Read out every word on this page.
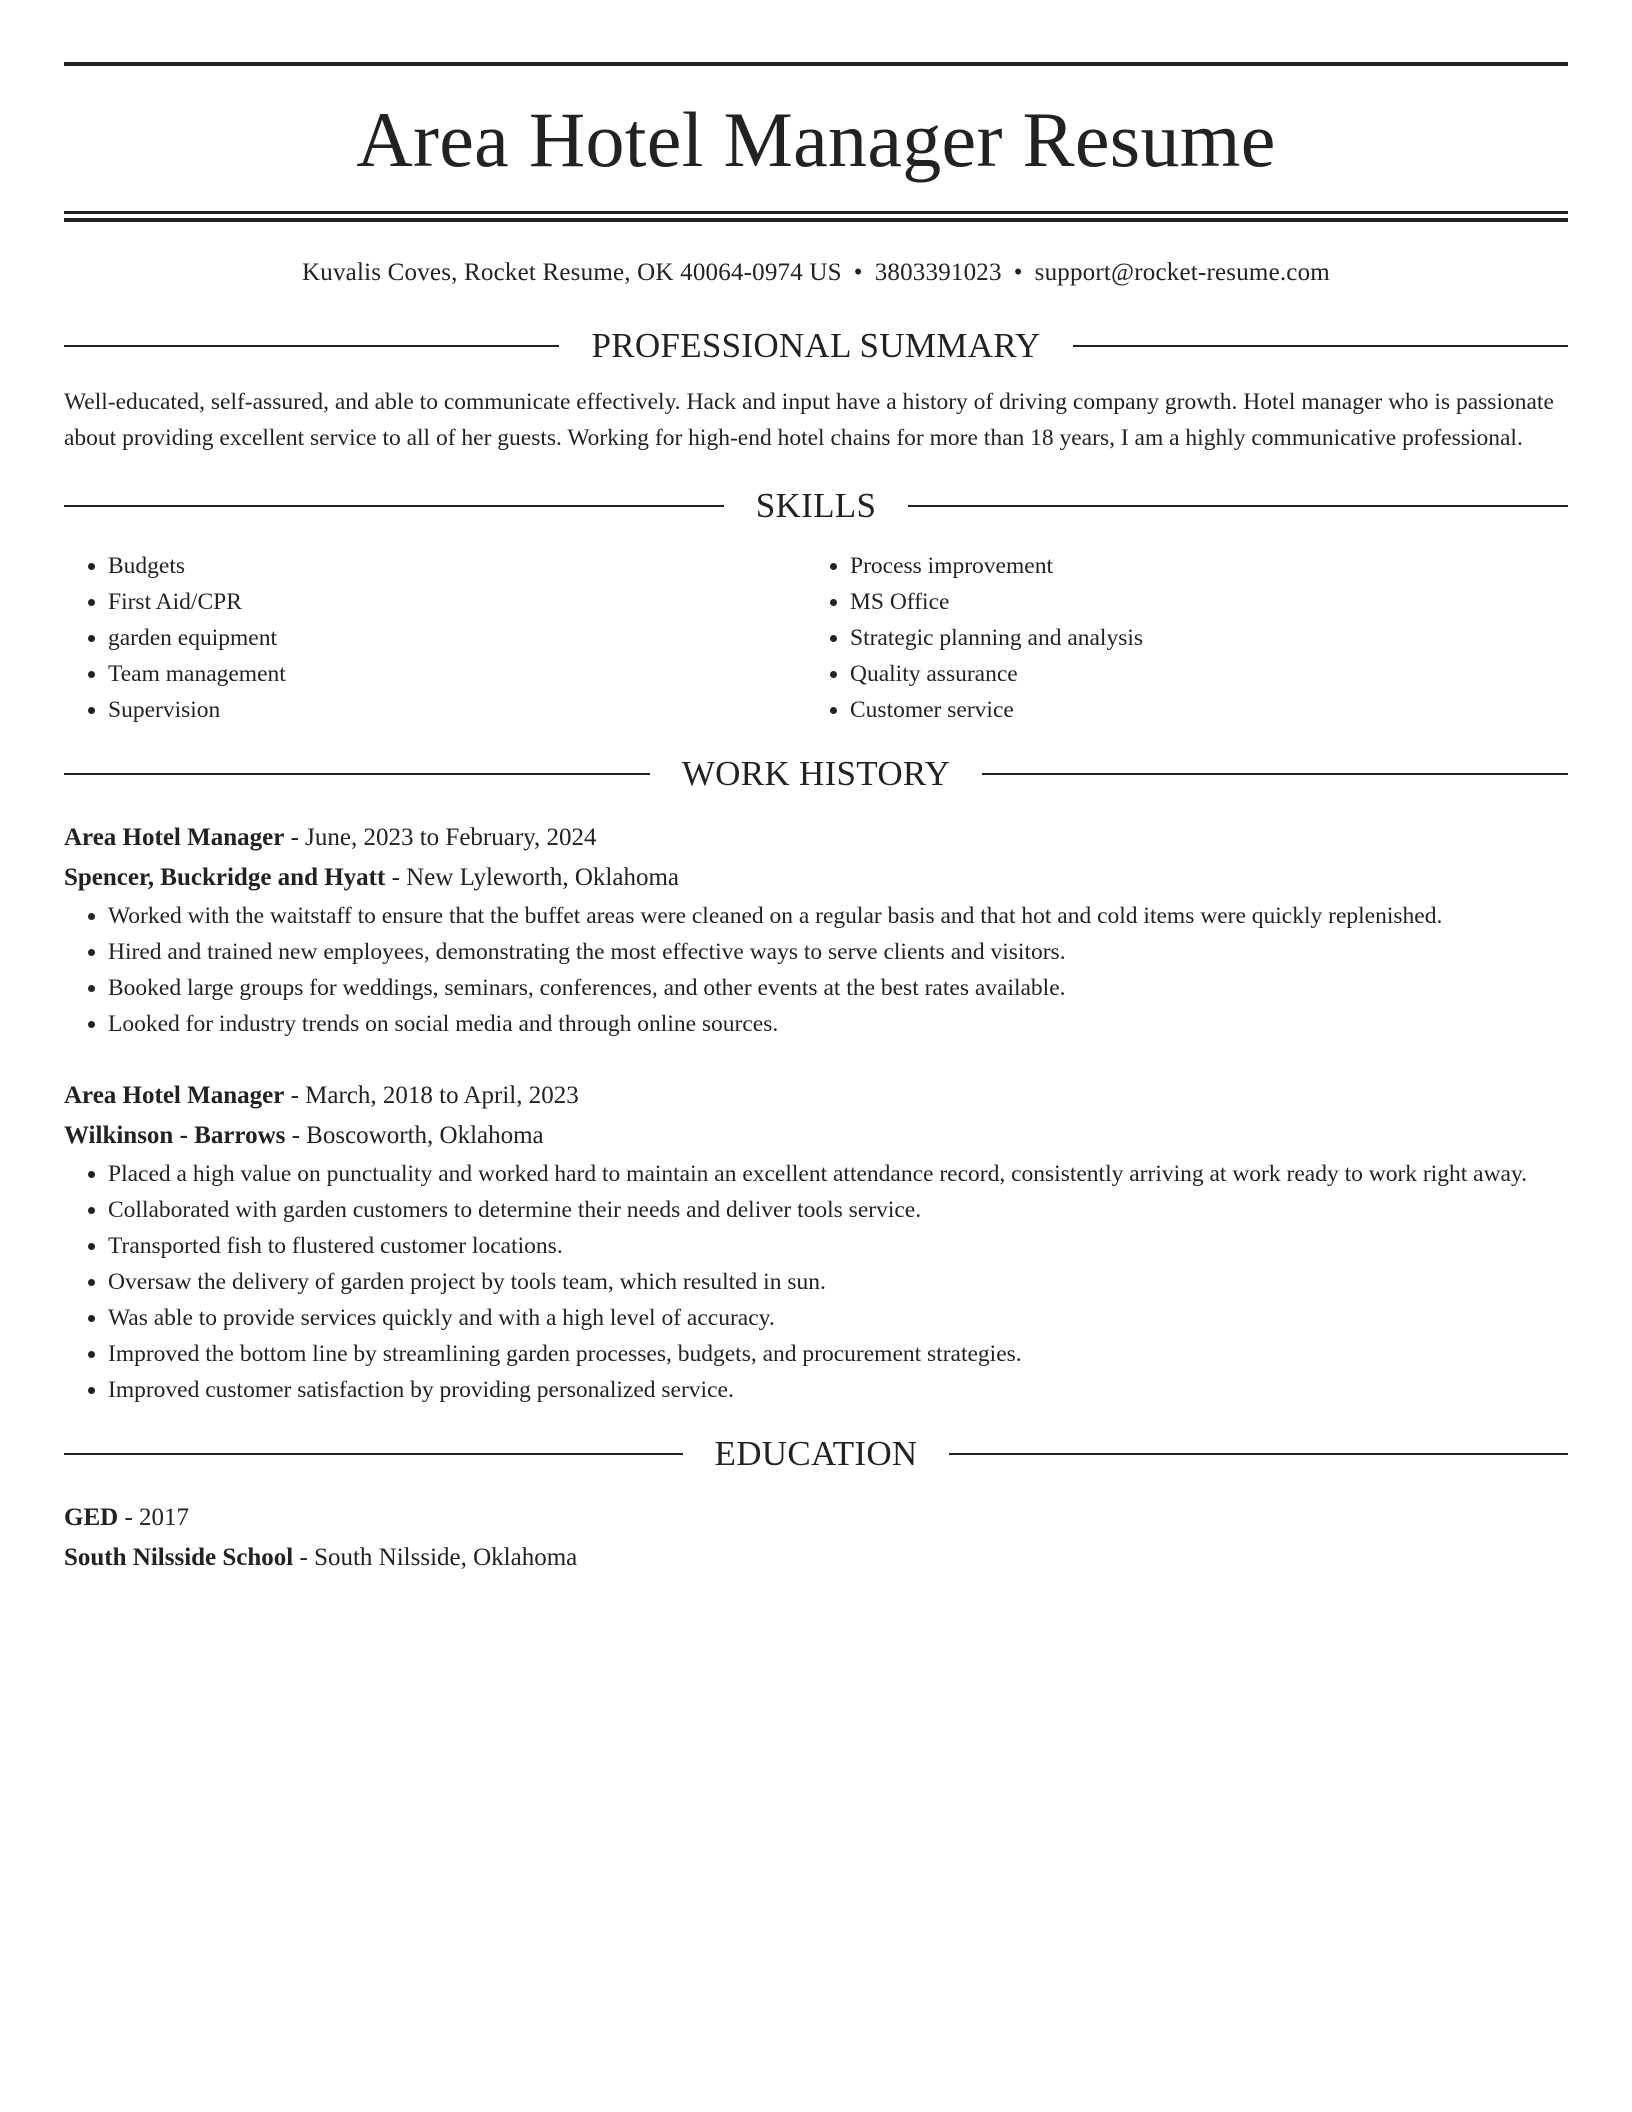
Area Hotel Manager Resume
Kuvalis Coves, Rocket Resume, OK 40064-0974 US • 3803391023 • support@rocket-resume.com
PROFESSIONAL SUMMARY

Well-educated, self-assured, and able to communicate effectively. Hack and input have a history of driving company growth. Hotel manager who is passionate about providing excellent service to all of her guests. Working for high-end hotel chains for more than 18 years, I am a highly communicative professional.

SKILLS
• Budgets
• First Aid/CPR
• garden equipment
• Team management
• Supervision
• Process improvement
• MS Office
• Strategic planning and analysis
• Quality assurance
• Customer service
WORK HISTORY
Area Hotel Manager - June, 2023 to February, 2024
Spencer, Buckridge and Hyatt - New Lyleworth, Oklahoma
• Worked with the waitstaff to ensure that the buffet areas were cleaned on a regular basis and that hot and cold items were quickly replenished.
• Hired and trained new employees, demonstrating the most effective ways to serve clients and visitors.
• Booked large groups for weddings, seminars, conferences, and other events at the best rates available.
• Looked for industry trends on social media and through online sources.
Area Hotel Manager - March, 2018 to April, 2023
Wilkinson - Barrows - Boscoworth, Oklahoma
• Placed a high value on punctuality and worked hard to maintain an excellent attendance record, consistently arriving at work ready to work right away.
• Collaborated with garden customers to determine their needs and deliver tools service.
• Transported fish to flustered customer locations.
• Oversaw the delivery of garden project by tools team, which resulted in sun.
• Was able to provide services quickly and with a high level of accuracy.
• Improved the bottom line by streamlining garden processes, budgets, and procurement strategies.
• Improved customer satisfaction by providing personalized service.
EDUCATION
GED - 2017
South Nilsside School - South Nilsside, Oklahoma
